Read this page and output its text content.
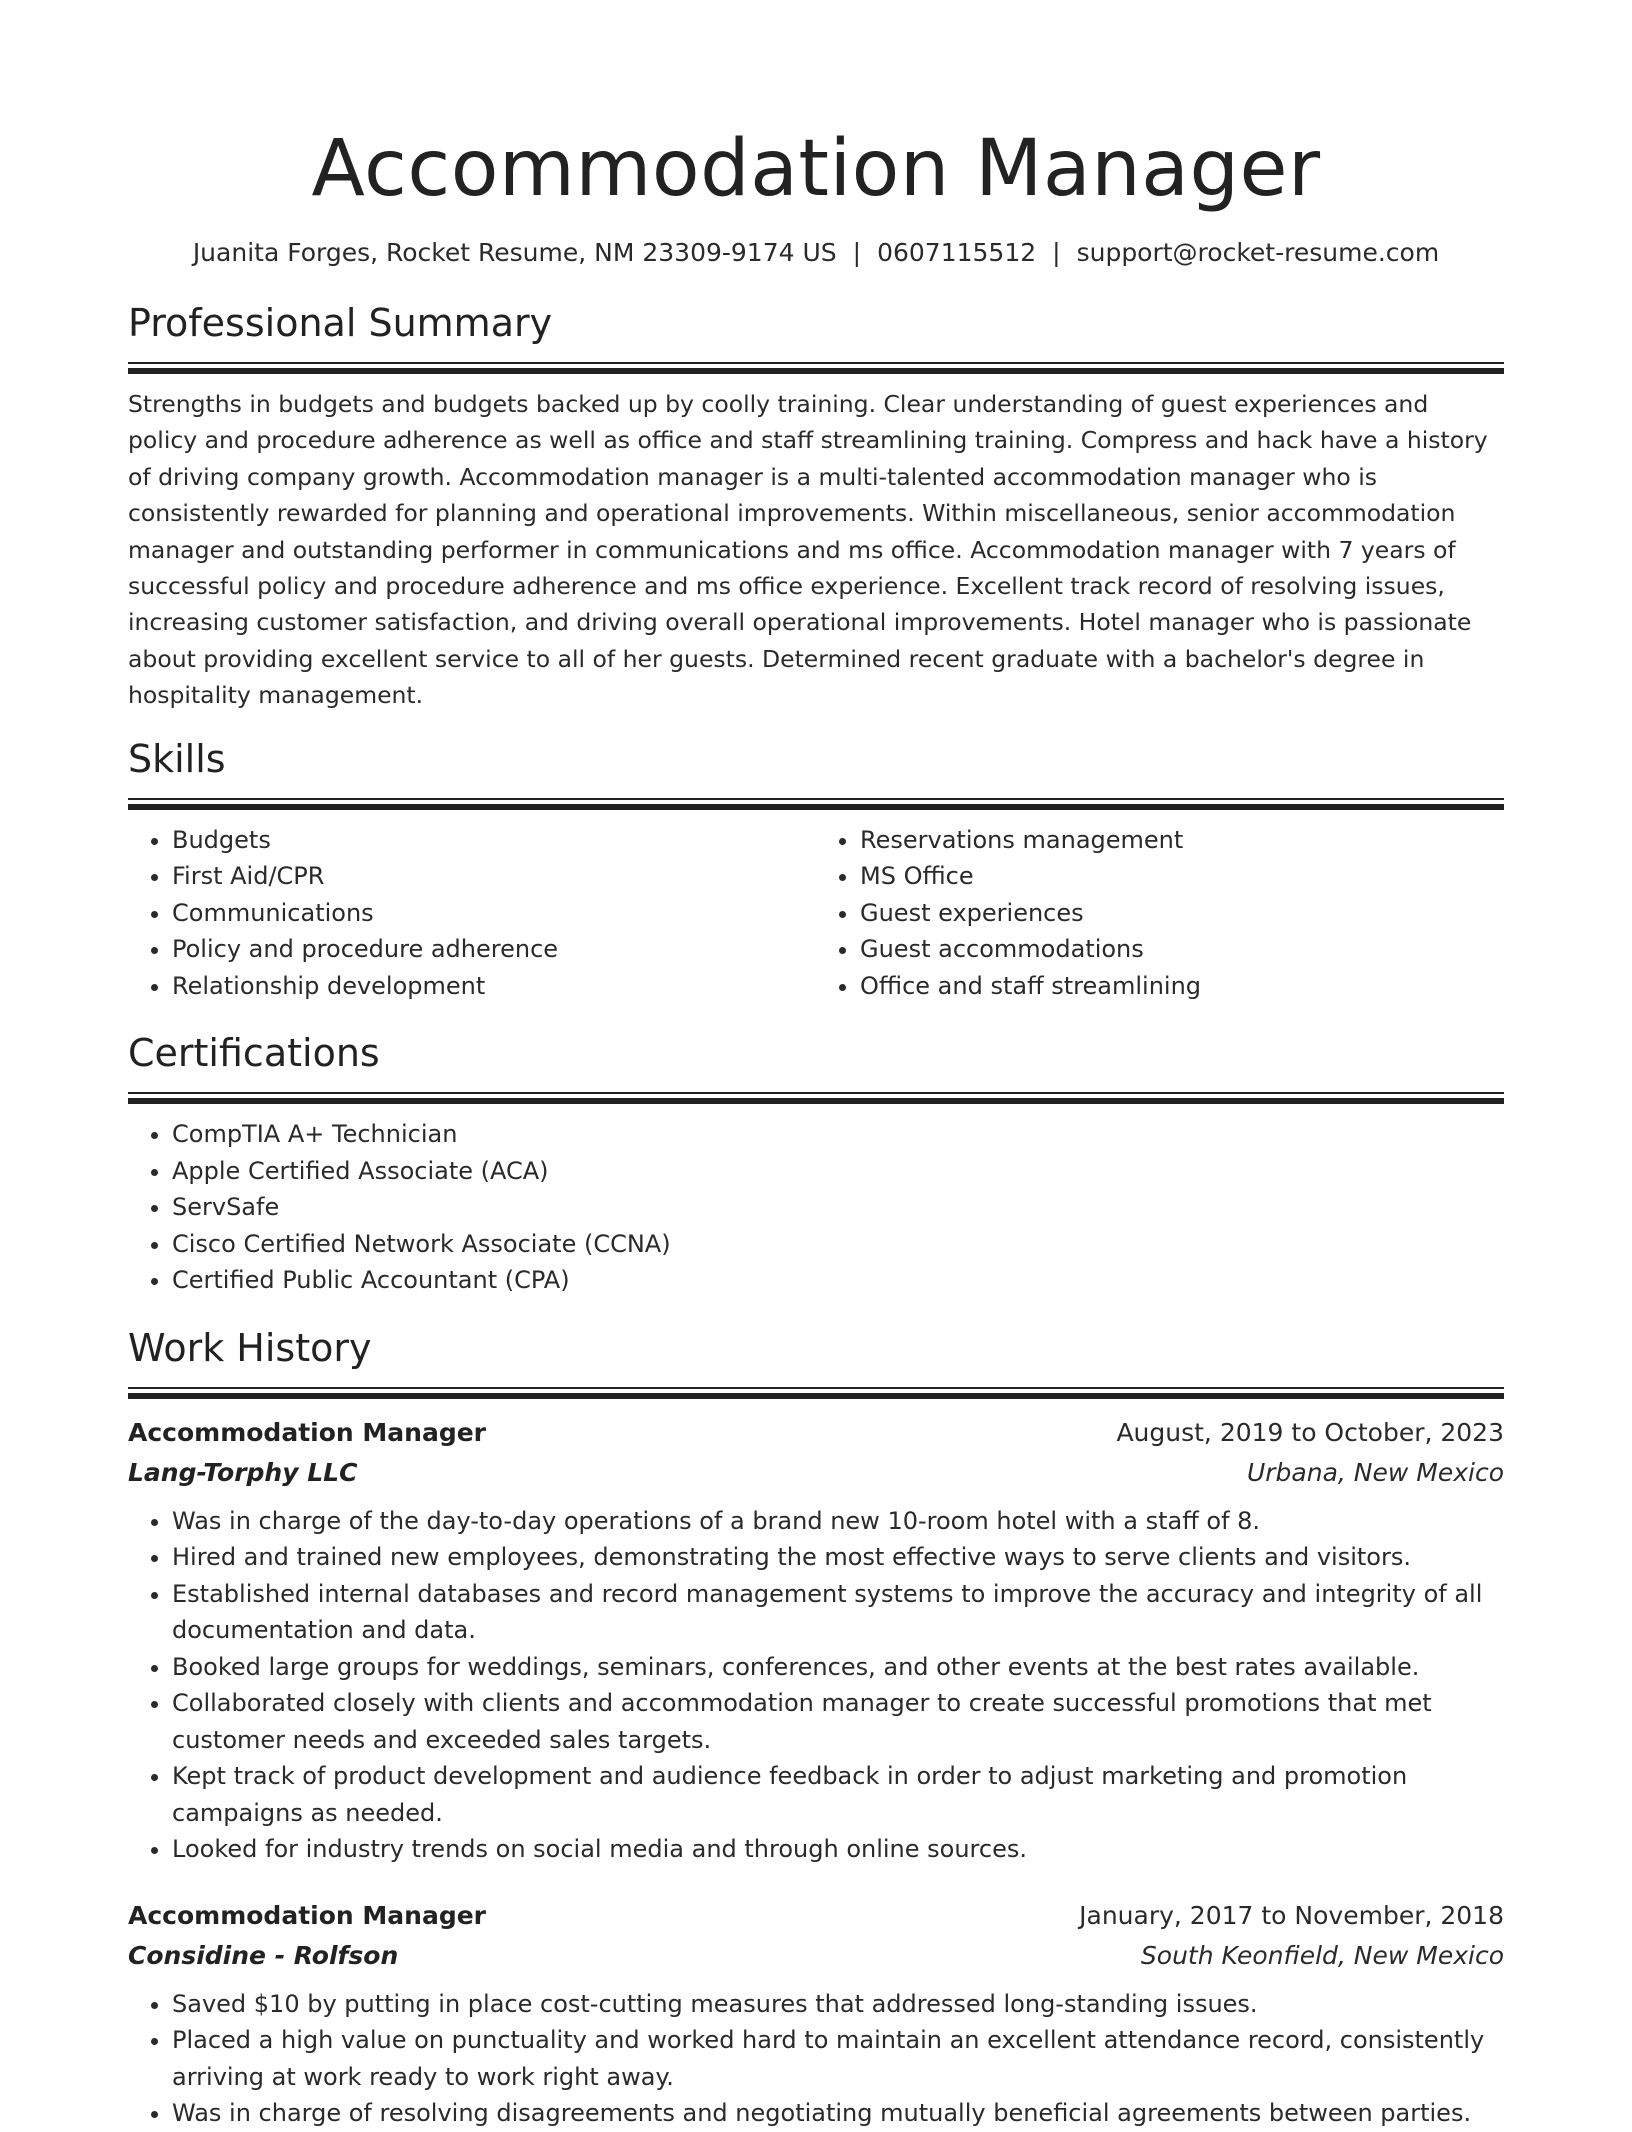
Accommodation Manager
Juanita Forges, Rocket Resume, NM 23309-9174 US | 0607115512 | support@rocket-resume.com
Professional Summary

Strengths in budgets and budgets backed up by coolly training. Clear understanding of guest experiences and policy and procedure adherence as well as office and staff streamlining training. Compress and hack have a history of driving company growth. Accommodation manager is a multi-talented accommodation manager who is consistently rewarded for planning and operational improvements. Within miscellaneous, senior accommodation manager and outstanding performer in communications and ms office. Accommodation manager with 7 years of successful policy and procedure adherence and ms office experience. Excellent track record of resolving issues, increasing customer satisfaction, and driving overall operational improvements. Hotel manager who is passionate about providing excellent service to all of her guests. Determined recent graduate with a bachelor's degree in hospitality management.

Skills
• Budgets
• First Aid/CPR
• Communications
• Policy and procedure adherence
• Relationship development
• Reservations management
• MS Office
• Guest experiences
• Guest accommodations
• Office and staff streamlining
Certifications
• CompTIA A+ Technician
• Apple Certified Associate (ACA)
• ServSafe
• Cisco Certified Network Associate (CCNA)
• Certified Public Accountant (CPA)
Work History
Accommodation Manager	August, 2019 to October, 2023
Lang-Torphy LLC	Urbana, New Mexico
• Was in charge of the day-to-day operations of a brand new 10-room hotel with a staff of 8.
• Hired and trained new employees, demonstrating the most effective ways to serve clients and visitors.
• Established internal databases and record management systems to improve the accuracy and integrity of all documentation and data.
• Booked large groups for weddings, seminars, conferences, and other events at the best rates available.
• Collaborated closely with clients and accommodation manager to create successful promotions that met customer needs and exceeded sales targets.
• Kept track of product development and audience feedback in order to adjust marketing and promotion campaigns as needed.
• Looked for industry trends on social media and through online sources.
Accommodation Manager	January, 2017 to November, 2018
Considine - Rolfson	South Keonfield, New Mexico
• Saved $10 by putting in place cost-cutting measures that addressed long-standing issues.
• Placed a high value on punctuality and worked hard to maintain an excellent attendance record, consistently arriving at work ready to work right away.
• Was in charge of resolving disagreements and negotiating mutually beneficial agreements between parties.
